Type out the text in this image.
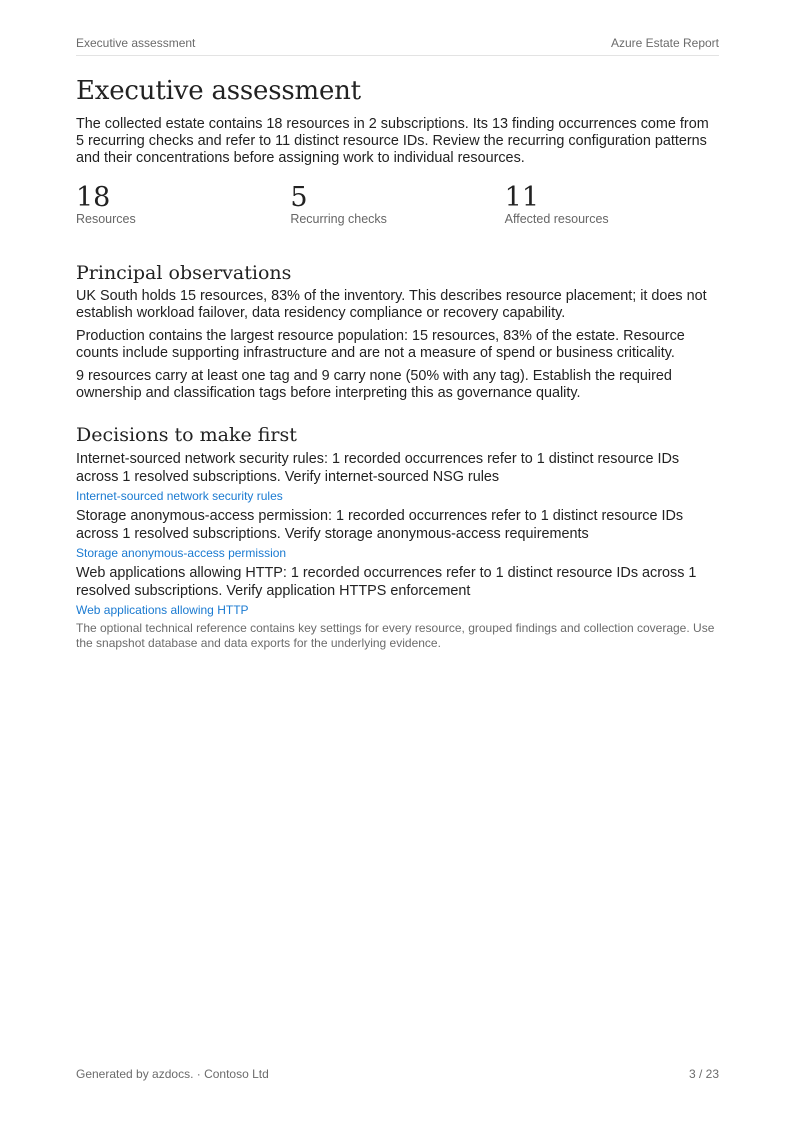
Executive assessment	Azure Estate Report
Executive assessment

The collected estate contains 18 resources in 2 subscriptions. Its 13 finding occurrences come from 5 recurring checks and refer to 11 distinct resource IDs. Review the recurring configuration patterns and their concentrations before assigning work to individual resources.

18
Resources
5
Recurring checks
11
Affected resources
Principal observations

UK South holds 15 resources, 83% of the inventory. This describes resource placement; it does not establish workload failover, data residency compliance or recovery capability.

Production contains the largest resource population: 15 resources, 83% of the estate. Resource counts include supporting infrastructure and are not a measure of spend or business criticality.

9 resources carry at least one tag and 9 carry none (50% with any tag). Establish the required ownership and classification tags before interpreting this as governance quality.

Decisions to make first

Internet-sourced network security rules: 1 recorded occurrences refer to 1 distinct resource IDs across 1 resolved subscriptions. Verify internet-sourced NSG rules

Internet-sourced network security rules

Storage anonymous-access permission: 1 recorded occurrences refer to 1 distinct resource IDs across 1 resolved subscriptions. Verify storage anonymous-access requirements

Storage anonymous-access permission

Web applications allowing HTTP: 1 recorded occurrences refer to 1 distinct resource IDs across 1 resolved subscriptions. Verify application HTTPS enforcement

Web applications allowing HTTP

The optional technical reference contains key settings for every resource, grouped findings and collection coverage. Use the snapshot database and data exports for the underlying evidence.

Generated by azdocs. · Contoso Ltd	3 / 23
